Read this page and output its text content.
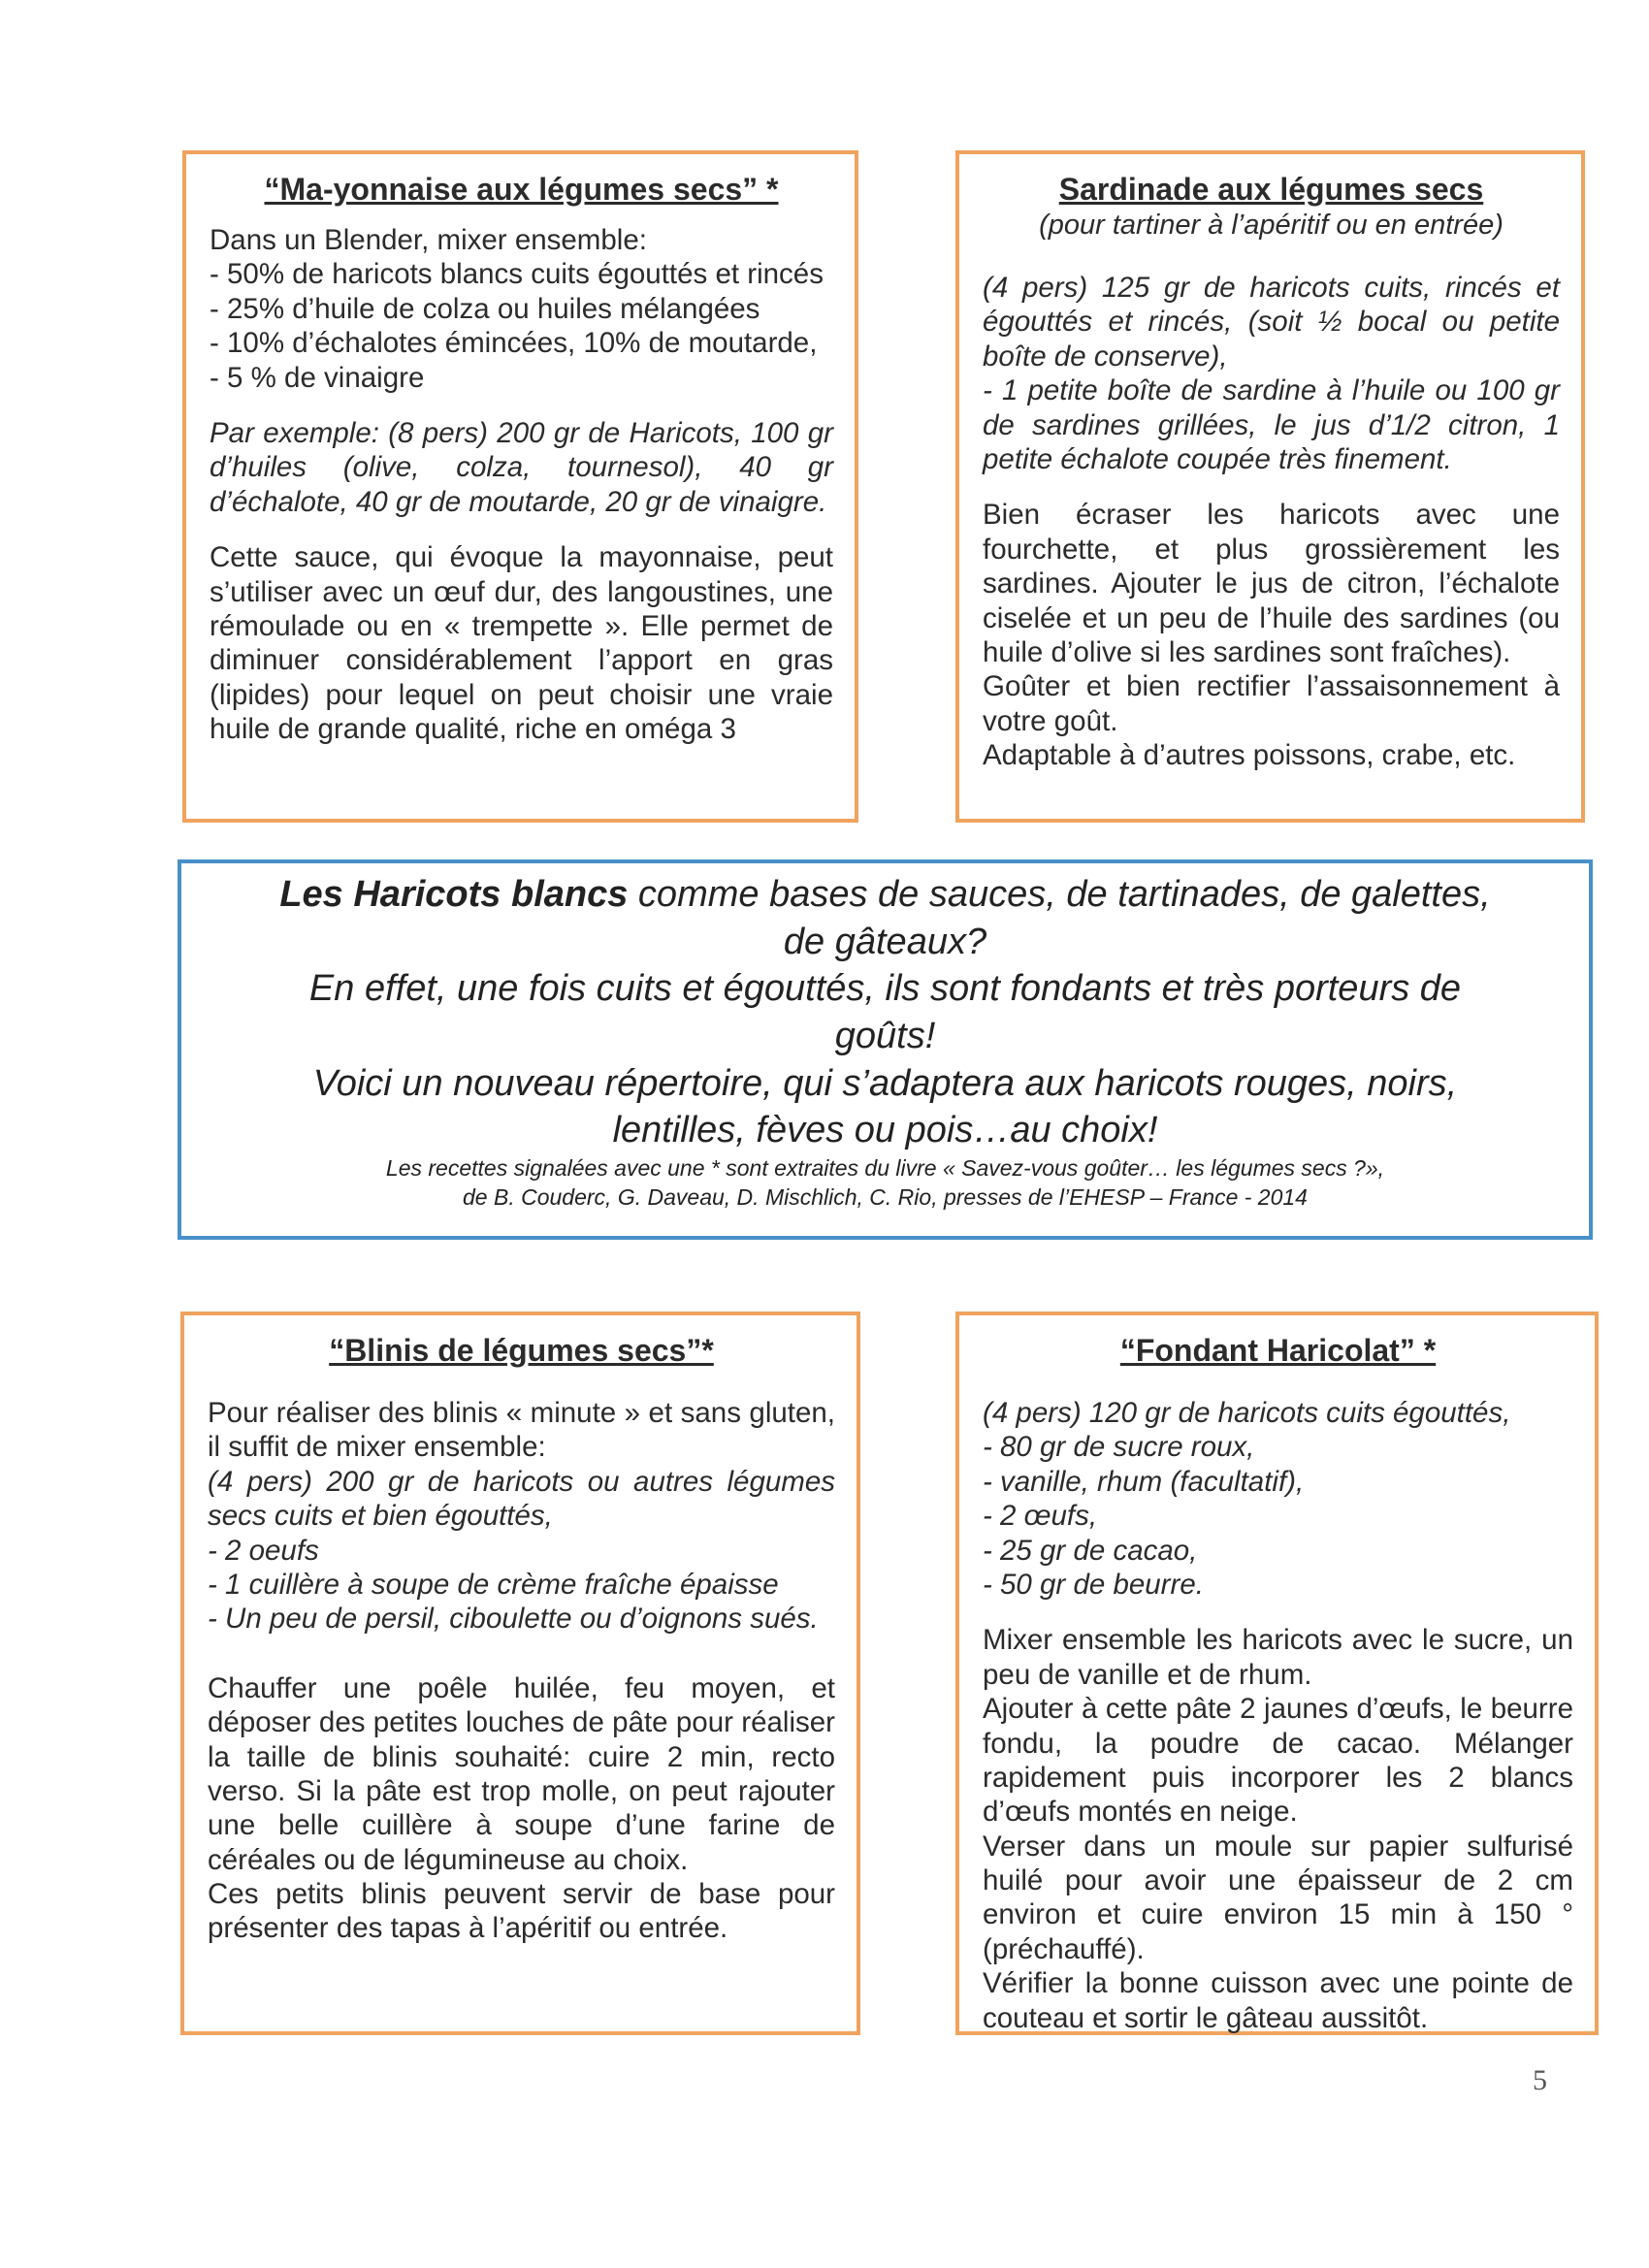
“Ma-yonnaise aux légumes secs” *

Dans un Blender, mixer ensemble:

- 50% de haricots blancs cuits égouttés et rincés

- 25% d’huile de colza ou huiles mélangées

- 10% d’échalotes émincées, 10% de moutarde,

- 5 % de vinaigre

Par exemple: (8 pers) 200 gr de Haricots, 100 gr d’huiles (olive, colza, tournesol), 40 gr d’échalote, 40 gr de moutarde, 20 gr de vinaigre.

Cette sauce, qui évoque la mayonnaise, peut s’utiliser avec un œuf dur, des langoustines, une rémoulade ou en « trempette ». Elle permet de diminuer considérablement l’apport en gras (lipides) pour lequel on peut choisir une vraie huile de grande qualité, riche en oméga 3

Sardinade aux légumes secs

(pour tartiner à l’apéritif ou en entrée)

(4 pers) 125 gr de haricots cuits, rincés et égouttés et rincés, (soit ½ bocal ou petite boîte de conserve),

- 1 petite boîte de sardine à l’huile ou 100 gr de sardines grillées, le jus d’1/2 citron, 1 petite échalote coupée très finement.

Bien écraser les haricots avec une fourchette, et plus grossièrement les sardines. Ajouter le jus de citron, l’échalote ciselée et un peu de l’huile des sardines (ou huile d’olive si les sardines sont fraîches).

Goûter et bien rectifier l’assaisonnement à votre goût.

Adaptable à d’autres poissons, crabe, etc.

Les Haricots blancs comme bases de sauces, de tartinades, de galettes,

de gâteaux?

En effet, une fois cuits et égouttés, ils sont fondants et très porteurs de

goûts!

Voici un nouveau répertoire, qui s’adaptera aux haricots rouges, noirs,

lentilles, fèves ou pois…au choix!

Les recettes signalées avec une * sont extraites du livre « Savez-vous goûter… les légumes secs ?»,

de B. Couderc, G. Daveau, D. Mischlich, C. Rio, presses de l’EHESP – France - 2014

“Blinis de légumes secs”*

Pour réaliser des blinis « minute » et sans gluten, il suffit de mixer ensemble:

(4 pers) 200 gr de haricots ou autres légumes secs cuits et bien égouttés,

- 2 oeufs

- 1 cuillère à soupe de crème fraîche épaisse

- Un peu de persil, ciboulette ou d’oignons sués.

Chauffer une poêle huilée, feu moyen, et déposer des petites louches de pâte pour réaliser la taille de blinis souhaité: cuire 2 min, recto verso. Si la pâte est trop molle, on peut rajouter une belle cuillère à soupe d’une farine de céréales ou de légumineuse au choix.

Ces petits blinis peuvent servir de base pour présenter des tapas à l’apéritif ou entrée.

“Fondant Haricolat” *

(4 pers) 120 gr de haricots cuits égouttés,

- 80 gr de sucre roux,

- vanille, rhum (facultatif),

- 2 œufs,

- 25 gr de cacao,

- 50 gr de beurre.

Mixer ensemble les haricots avec le sucre, un peu de vanille et de rhum.

Ajouter à cette pâte 2 jaunes d’œufs, le beurre fondu, la poudre de cacao. Mélanger rapidement puis incorporer les 2 blancs d’œufs montés en neige.

Verser dans un moule sur papier sulfurisé huilé pour avoir une épaisseur de 2 cm environ et cuire environ 15 min à 150 ° (préchauffé).

Vérifier la bonne cuisson avec une pointe de couteau et sortir le gâteau aussitôt.

5
